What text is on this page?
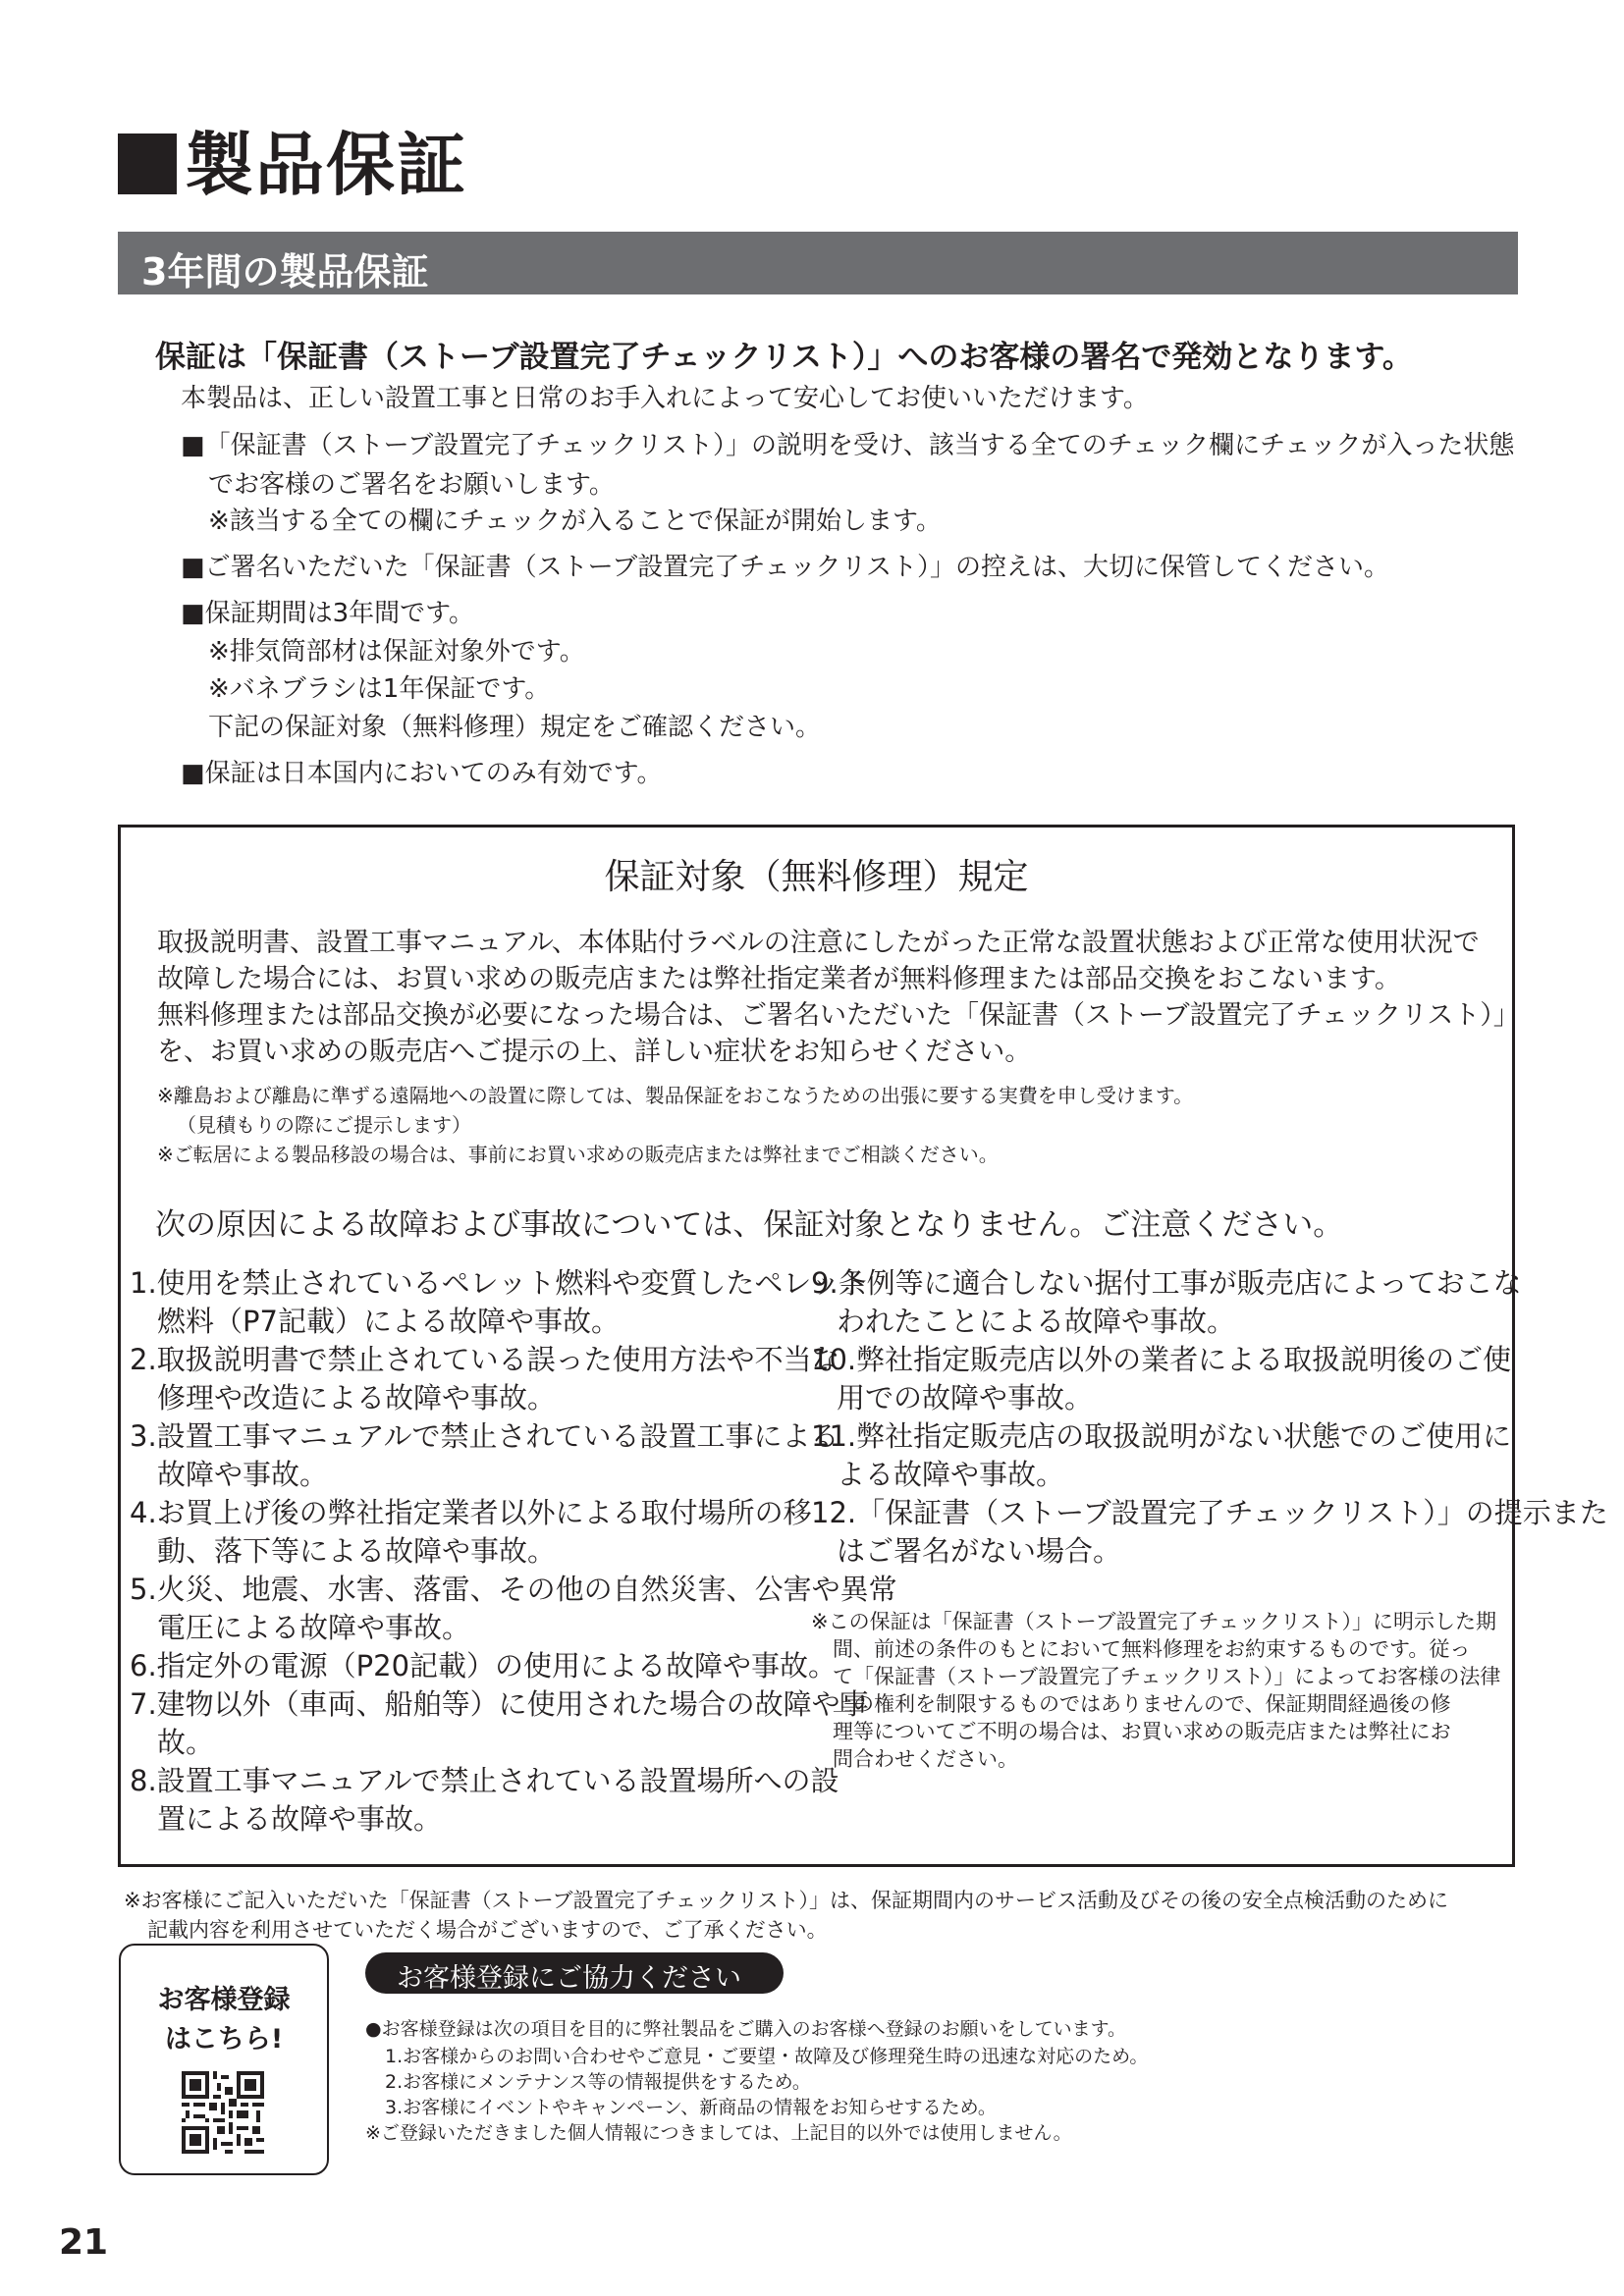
製品保証
3年間の製品保証
保証は「保証書（ストーブ設置完了チェックリスト）」へのお客様の署名で発効となります。
本製品は、正しい設置工事と日常のお手入れによって安心してお使いいただけます。
■「保証書（ストーブ設置完了チェックリスト）」の説明を受け、該当する全てのチェック欄にチェックが入った状態
でお客様のご署名をお願いします。
※該当する全ての欄にチェックが入ることで保証が開始します。
■ご署名いただいた「保証書（ストーブ設置完了チェックリスト）」の控えは、大切に保管してください。
■保証期間は3年間です。
※排気筒部材は保証対象外です。
※バネブラシは1年保証です。
下記の保証対象（無料修理）規定をご確認ください。
■保証は日本国内においてのみ有効です。
保証対象（無料修理）規定
取扱説明書、設置工事マニュアル、本体貼付ラベルの注意にしたがった正常な設置状態および正常な使用状況で
故障した場合には、お買い求めの販売店または弊社指定業者が無料修理または部品交換をおこないます。
無料修理または部品交換が必要になった場合は、ご署名いただいた「保証書（ストーブ設置完了チェックリスト）」
を、お買い求めの販売店へご提示の上、詳しい症状をお知らせください。
※離島および離島に準ずる遠隔地への設置に際しては、製品保証をおこなうための出張に要する実費を申し受けます。
（見積もりの際にご提示します）
※ご転居による製品移設の場合は、事前にお買い求めの販売店または弊社までご相談ください。
次の原因による故障および事故については、保証対象となりません。ご注意ください。
1.使用を禁止されているペレット燃料や変質したペレット
燃料（P7記載）による故障や事故。
2.取扱説明書で禁止されている誤った使用方法や不当な
修理や改造による故障や事故。
3.設置工事マニュアルで禁止されている設置工事による
故障や事故。
4.お買上げ後の弊社指定業者以外による取付場所の移
動、落下等による故障や事故。
5.火災、地震、水害、落雷、その他の自然災害、公害や異常
電圧による故障や事故。
6.指定外の電源（P20記載）の使用による故障や事故。
7.建物以外（車両、船舶等）に使用された場合の故障や事
故。
8.設置工事マニュアルで禁止されている設置場所への設
置による故障や事故。
9.条例等に適合しない据付工事が販売店によっておこな
われたことによる故障や事故。
10.弊社指定販売店以外の業者による取扱説明後のご使
用での故障や事故。
11.弊社指定販売店の取扱説明がない状態でのご使用に
よる故障や事故。
12.「保証書（ストーブ設置完了チェックリスト）」の提示また
はご署名がない場合。
※この保証は「保証書（ストーブ設置完了チェックリスト）」に明示した期
間、前述の条件のもとにおいて無料修理をお約束するものです。従っ
て「保証書（ストーブ設置完了チェックリスト）」によってお客様の法律
上の権利を制限するものではありませんので、保証期間経過後の修
理等についてご不明の場合は、お買い求めの販売店または弊社にお
問合わせください。
※お客様にご記入いただいた「保証書（ストーブ設置完了チェックリスト）」は、保証期間内のサービス活動及びその後の安全点検活動のために
記載内容を利用させていただく場合がございますので、ご了承ください。
お客様登録
はこちら!
お客様登録にご協力ください
●お客様登録は次の項目を目的に弊社製品をご購入のお客様へ登録のお願いをしています。
1.お客様からのお問い合わせやご意見・ご要望・故障及び修理発生時の迅速な対応のため。
2.お客様にメンテナンス等の情報提供をするため。
3.お客様にイベントやキャンペーン、新商品の情報をお知らせするため。
※ご登録いただきました個人情報につきましては、上記目的以外では使用しません。
21
